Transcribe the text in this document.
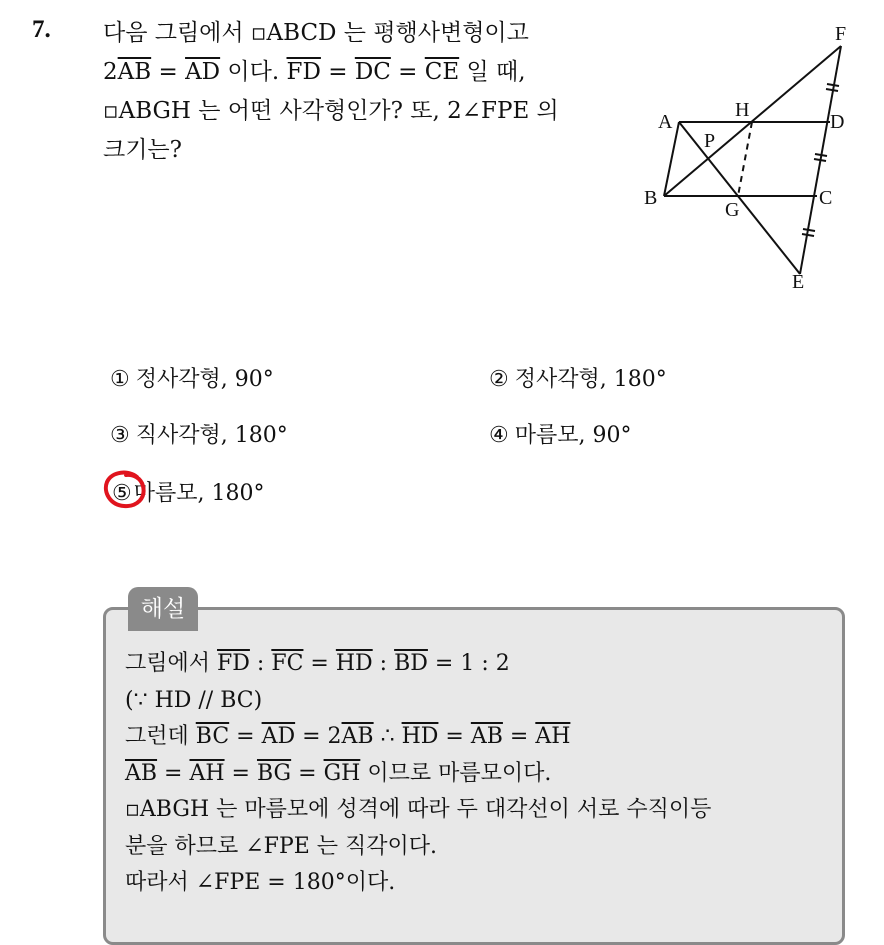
7. 다음 그림에서 ▫ABCD 는 평행사변형이고
$2\overline{AB} = \overline{AD}$ 이다. $\overline{FD} = \overline{DC} = \overline{CE}$ 일 때,
▫ABGH 는 어떤 사각형인가? 또, 2∠FPE 의
크기는?
F
A
H
D
P
B
G
C
E
① 정사각형, 90°	② 정사각형, 180°
③ 직사각형, 180°	④ 마름모, 90°
⑤마름모, 180°
해설
그림에서 $\overline{FD}$ : $\overline{FC} = \overline{HD}$ : $\overline{BD} = 1$ : 2
(∵ HD // BC)
그런데 $\overline{BC} = \overline{AD} = 2\overline{AB}$ ∴ $\overline{HD} = \overline{AB} = \overline{AH}$
$\overline{AB} = \overline{AH} = \overline{BG} = \overline{GH}$ 이므로 마름모이다.
▫ABGH 는 마름모에 성격에 따라 두 대각선이 서로 수직이등
분을 하므로 ∠FPE 는 직각이다.
따라서 ∠FPE = 180°이다.
